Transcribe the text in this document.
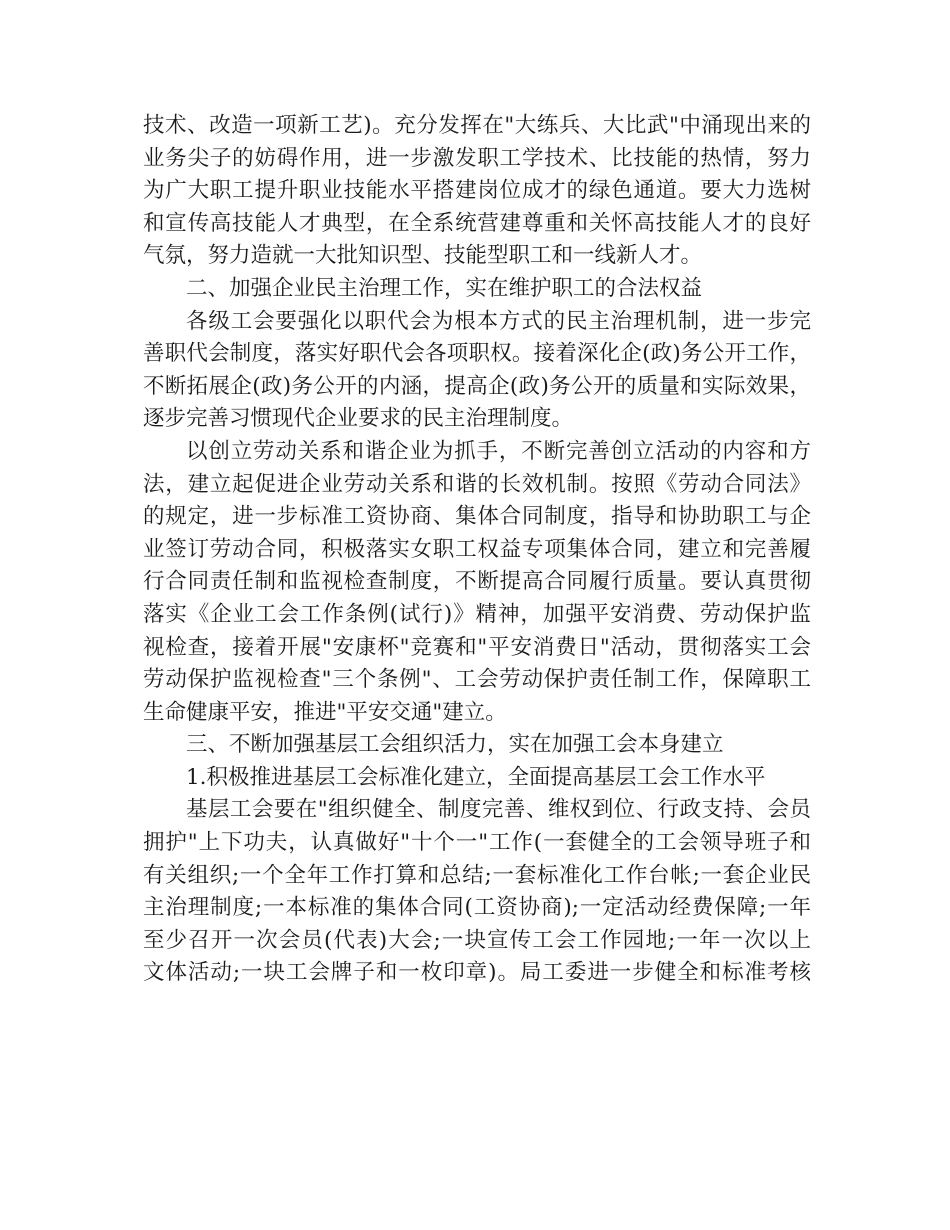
技术、改造一项新工艺)。充分发挥在"大练兵、大比武"中涌现出来的
业务尖子的妨碍作用，进一步激发职工学技术、比技能的热情，努力
为广大职工提升职业技能水平搭建岗位成才的绿色通道。要大力选树
和宣传高技能人才典型，在全系统营建尊重和关怀高技能人才的良好
气氛，努力造就一大批知识型、技能型职工和一线新人才。
二、加强企业民主治理工作，实在维护职工的合法权益
各级工会要强化以职代会为根本方式的民主治理机制，进一步完
善职代会制度，落实好职代会各项职权。接着深化企(政)务公开工作，
不断拓展企(政)务公开的内涵，提高企(政)务公开的质量和实际效果，
逐步完善习惯现代企业要求的民主治理制度。
以创立劳动关系和谐企业为抓手，不断完善创立活动的内容和方
法，建立起促进企业劳动关系和谐的长效机制。按照《劳动合同法》
的规定，进一步标准工资协商、集体合同制度，指导和协助职工与企
业签订劳动合同，积极落实女职工权益专项集体合同，建立和完善履
行合同责任制和监视检查制度，不断提高合同履行质量。要认真贯彻
落实《企业工会工作条例(试行)》精神，加强平安消费、劳动保护监
视检查，接着开展"安康杯"竞赛和"平安消费日"活动，贯彻落实工会
劳动保护监视检查"三个条例"、工会劳动保护责任制工作，保障职工
生命健康平安，推进"平安交通"建立。
三、不断加强基层工会组织活力，实在加强工会本身建立
1.积极推进基层工会标准化建立，全面提高基层工会工作水平
基层工会要在"组织健全、制度完善、维权到位、行政支持、会员
拥护"上下功夫，认真做好"十个一"工作(一套健全的工会领导班子和
有关组织;一个全年工作打算和总结;一套标准化工作台帐;一套企业民
主治理制度;一本标准的集体合同(工资协商);一定活动经费保障;一年
至少召开一次会员(代表)大会;一块宣传工会工作园地;一年一次以上
文体活动;一块工会牌子和一枚印章)。局工委进一步健全和标准考核
